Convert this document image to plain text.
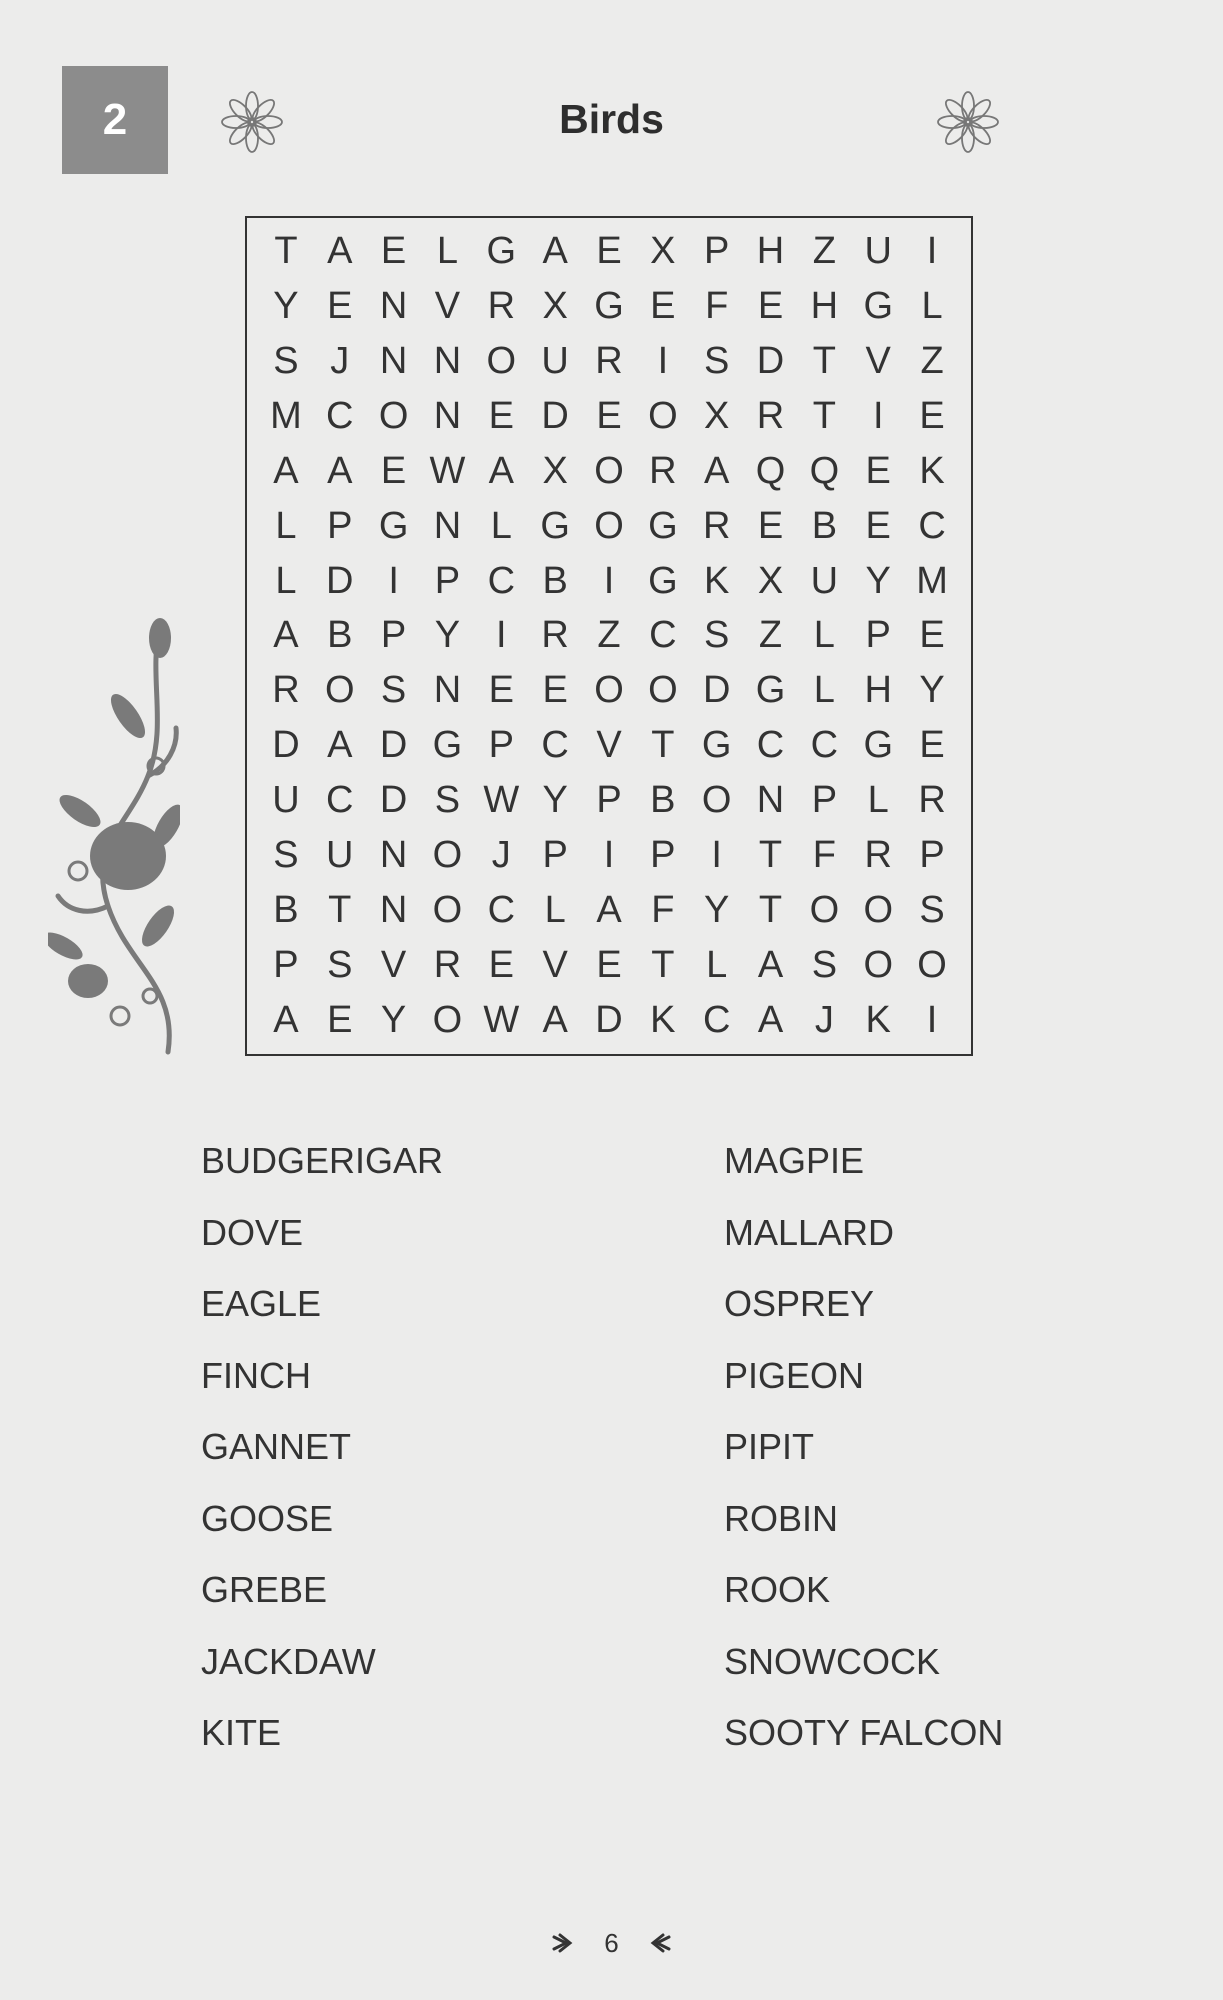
2	Birds
T A E L G A E X P H Z U I
Y E N V R X G E F E H G L
S J N N O U R I S D T V Z
M C O N E D E O X R T I E
A A E W A X O R A Q Q E K
L P G N L G O G R E B E C
L D I P C B I G K X U Y M
A B P Y I R Z C S Z L P E
R O S N E E O O D G L H Y
D A D G P C V T G C C G E
U C D S W Y P B O N P L R
S U N O J P I P I T F R P
B T N O C L A F Y T O O S
P S V R E V E T L A S O O
A E Y O W A D K C A J K I
BUDGERIGAR
DOVE
EAGLE
FINCH
GANNET
GOOSE
GREBE
JACKDAW
KITE
MAGPIE
MALLARD
OSPREY
PIGEON
PIPIT
ROBIN
ROOK
SNOWCOCK
SOOTY FALCON
6
